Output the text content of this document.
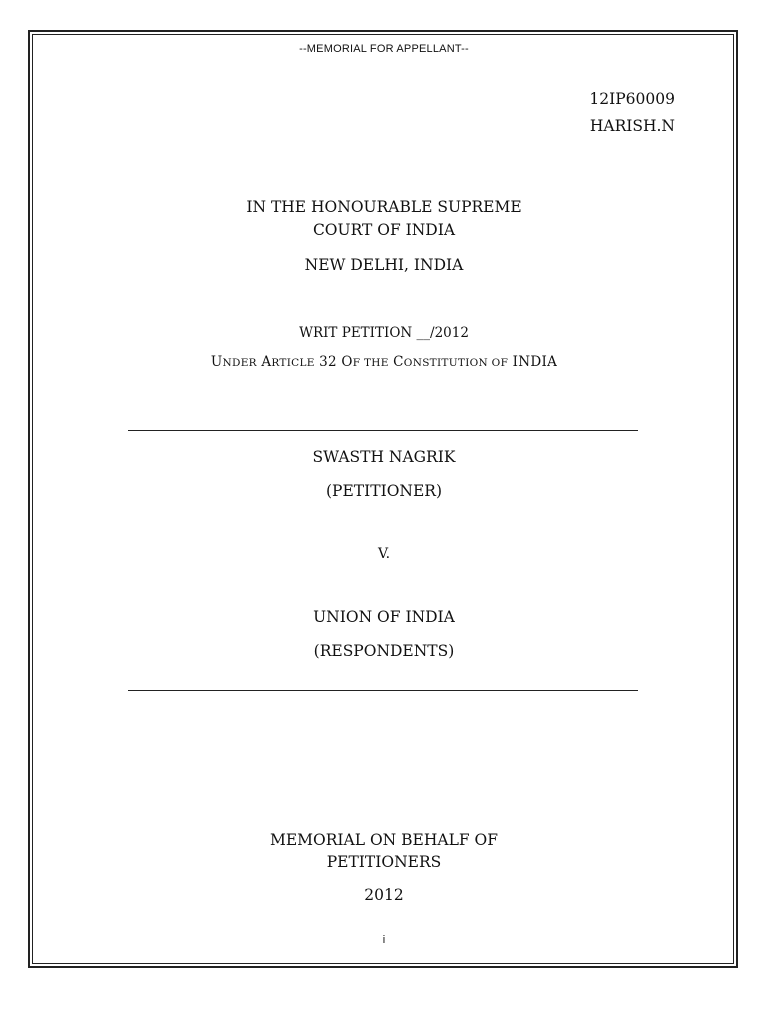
--MEMORIAL FOR APPELLANT--
12IP60009
HARISH.N
IN THE HONOURABLE SUPREME
COURT OF INDIA
NEW DELHI, INDIA
WRIT PETITION __/2012
UNDER ARTICLE 32 OF THE CONSTITUTION OF INDIA
SWASTH NAGRIK
(PETITIONER)
V.
UNION OF INDIA
(RESPONDENTS)
MEMORIAL ON BEHALF OF
PETITIONERS
2012
i
